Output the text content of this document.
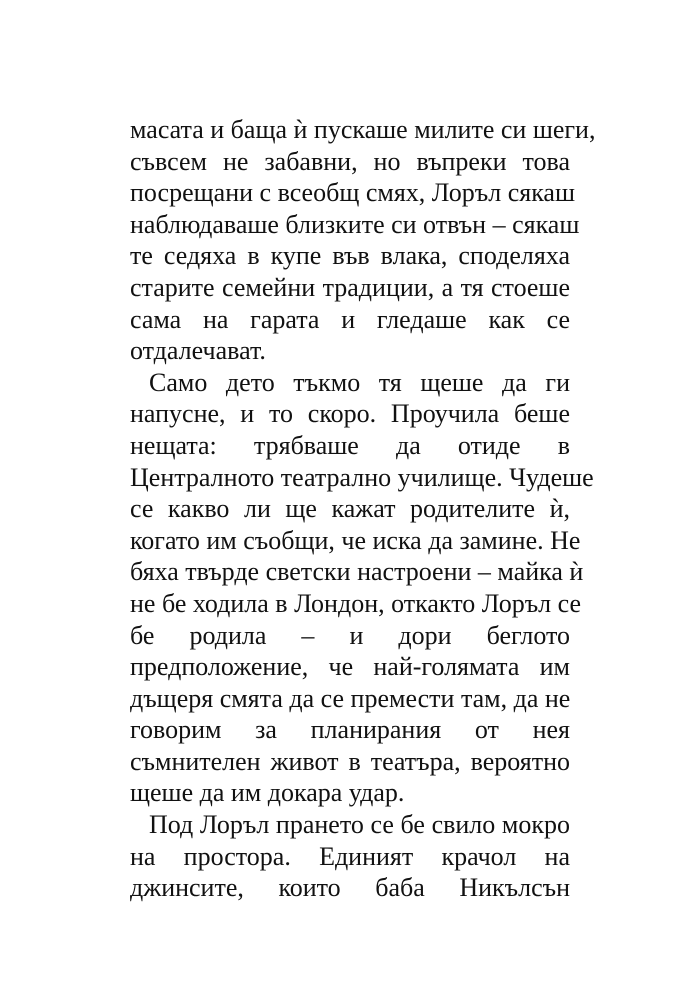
масата и баща ѝ пускаше милите си шеги,
съвсем не забавни, но въпреки това
посрещани с всеобщ смях, Лоръл сякаш
наблюдаваше близките си отвън – сякаш
те седяха в купе във влака, споделяха
старите семейни традиции, а тя стоеше
сама на гарата и гледаше как се
отдалечават.
Само дето тъкмо тя щеше да ги
напусне, и то скоро. Проучила беше
нещата: трябваше да отиде в
Централното театрално училище. Чудеше
се какво ли ще кажат родителите ѝ,
когато им съобщи, че иска да замине. Не
бяха твърде светски настроени – майка ѝ
не бе ходила в Лондон, откакто Лоръл се
бе родила – и дори беглото
предположение, че най-голямата им
дъщеря смята да се премести там, да не
говорим за планирания от нея
съмнителен живот в театъра, вероятно
щеше да им докара удар.
Под Лоръл прането се бе свило мокро
на простора. Единият крачол на
джинсите, които баба Никълсън
